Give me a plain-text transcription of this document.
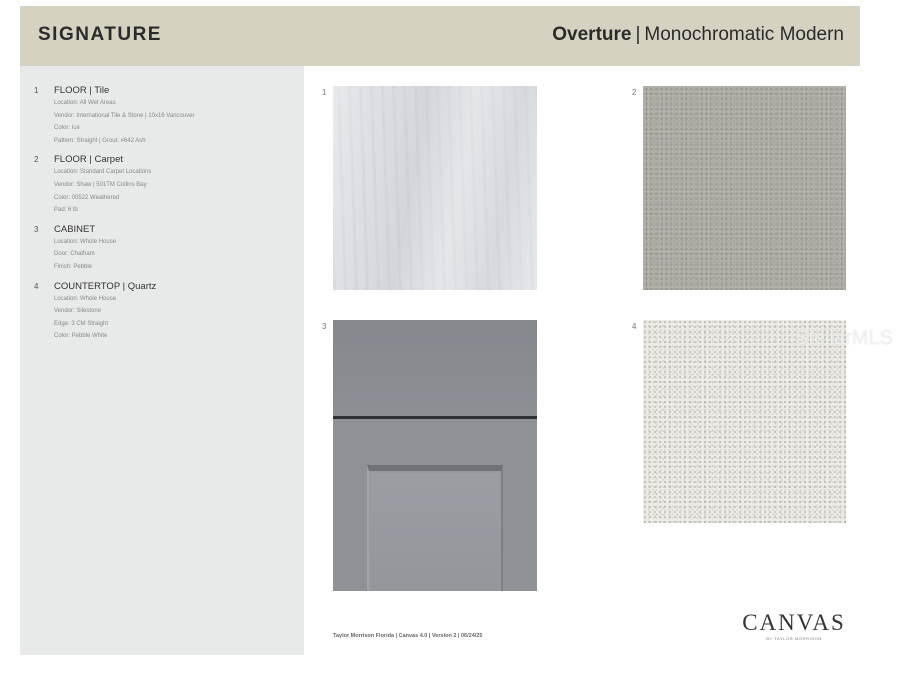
SIGNATURE	Overture | Monochromatic Modern
1	FLOOR | Tile
Location: All Wet Areas
Vendor: International Tile & Stone | 10x16 Vancouver
Color: Ice
Pattern: Straight | Grout: #642 Ash
2	FLOOR | Carpet
Location: Standard Carpet Locations
Vendor: Shaw | 501TM Collins Bay
Color: 00522 Weathered
Pad: 6 lb
3	CABINET
Location: Whole House
Door: Chatham
Finish: Pebble
4	COUNTERTOP | Quartz
Location: Whole House
Vendor: Silestone
Edge: 3 CM Straight
Color: Pebble White
1	2
3	4
StellarMLS
Taylor Morrison Florida | Canvas 4.0 | Version 2 | 06/24/25
CANVAS
BY TAYLOR MORRISON
